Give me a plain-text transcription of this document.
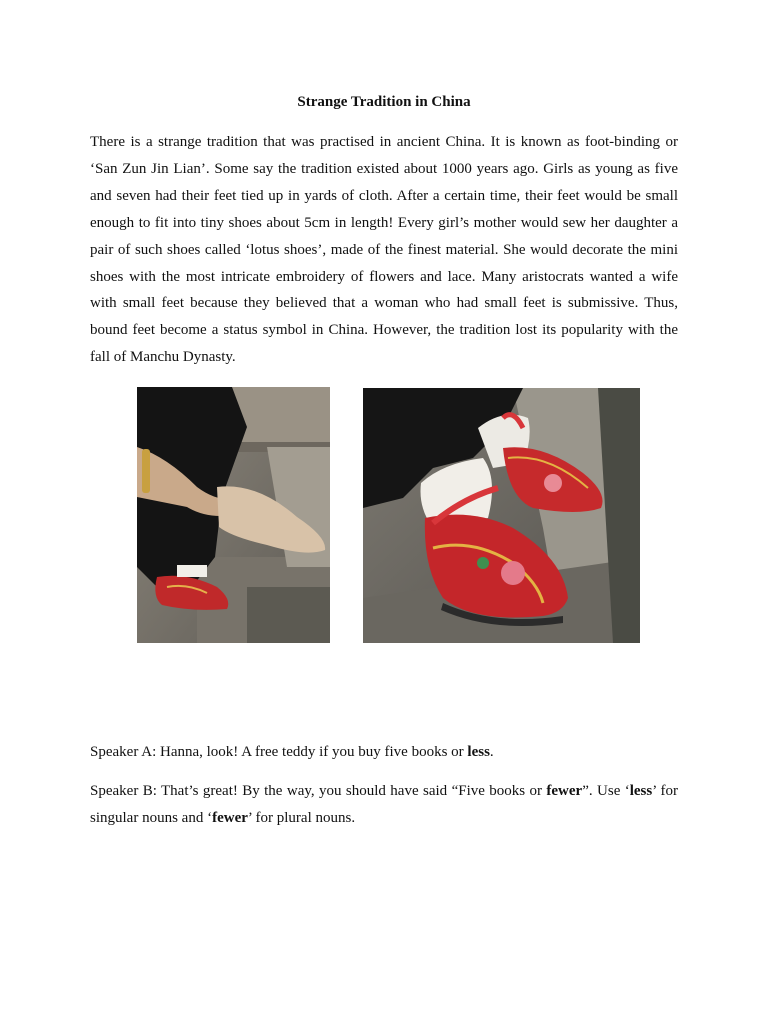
Strange Tradition in China

There is a strange tradition that was practised in ancient China. It is known as foot-binding or ‘San Zun Jin Lian’. Some say the tradition existed about 1000 years ago. Girls as young as five and seven had their feet tied up in yards of cloth. After a certain time, their feet would be small enough to fit into tiny shoes about 5cm in length! Every girl’s mother would sew her daughter a pair of such shoes called ‘lotus shoes’, made of the finest material. She would decorate the mini shoes with the most intricate embroidery of flowers and lace. Many aristocrats wanted a wife with small feet because they believed that a woman who had small feet is submissive. Thus, bound feet become a status symbol in China. However, the tradition lost its popularity with the fall of Manchu Dynasty.

Speaker A: Hanna, look! A free teddy if you buy five books or less.

Speaker B: That’s great! By the way, you should have said “Five books or fewer”. Use ‘less’ for singular nouns and ‘fewer’ for plural nouns.
